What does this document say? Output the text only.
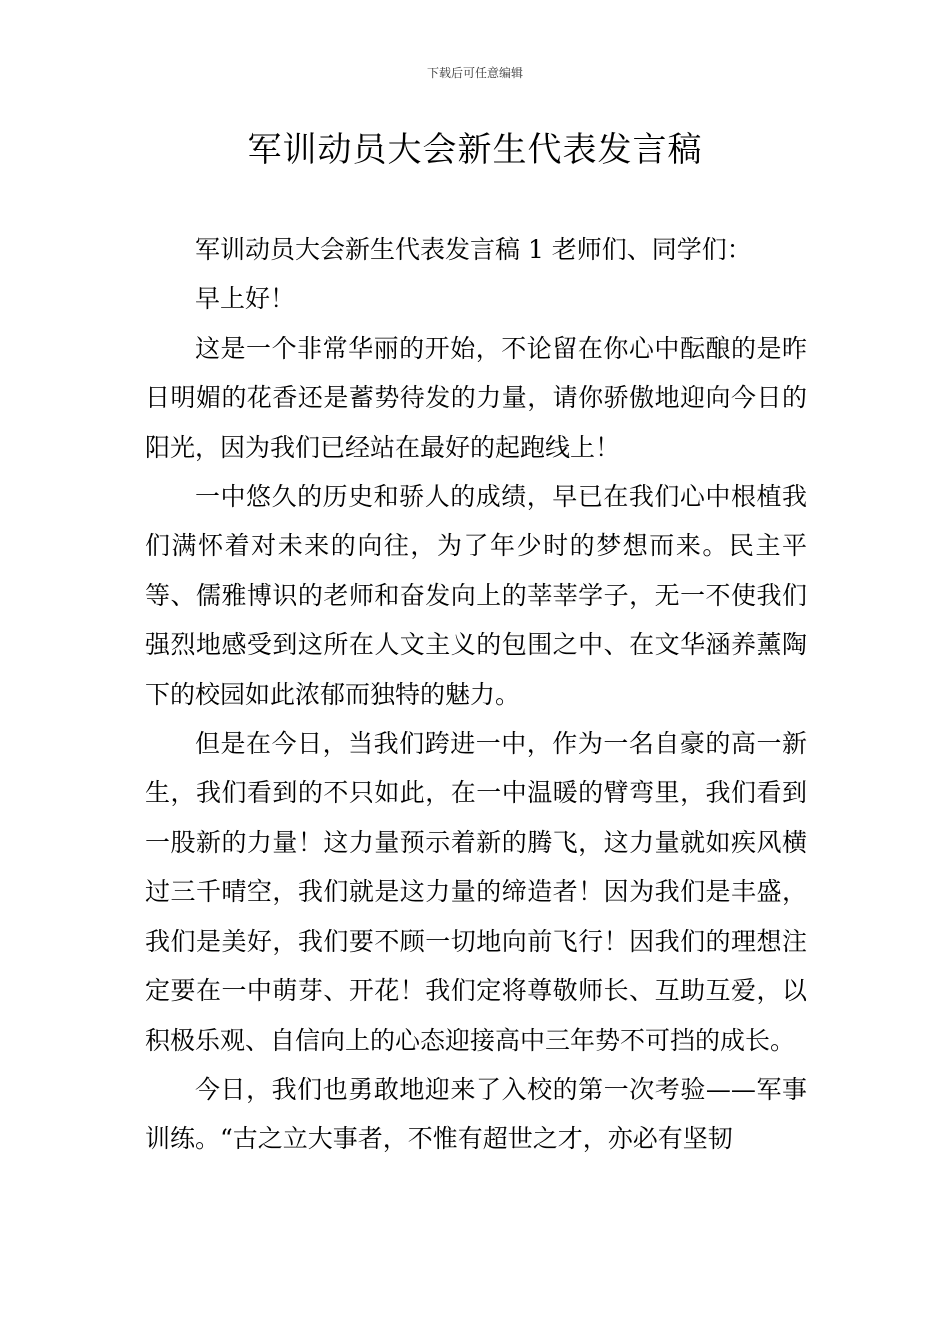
下载后可任意编辑
军训动员大会新生代表发言稿

军训动员大会新生代表发言稿 1 老师们、同学们：

早上好！

这是一个非常华丽的开始，不论留在你心中酝酿的是昨日明媚的花香还是蓄势待发的力量，请你骄傲地迎向今日的阳光，因为我们已经站在最好的起跑线上！

一中悠久的历史和骄人的成绩，早已在我们心中根植我们满怀着对未来的向往，为了年少时的梦想而来。民主平等、儒雅博识的老师和奋发向上的莘莘学子，无一不使我们强烈地感受到这所在人文主义的包围之中、在文华涵养薰陶下的校园如此浓郁而独特的魅力。

但是在今日，当我们跨进一中，作为一名自豪的高一新生，我们看到的不只如此，在一中温暖的臂弯里，我们看到一股新的力量！这力量预示着新的腾飞，这力量就如疾风横过三千晴空，我们就是这力量的缔造者！因为我们是丰盛，我们是美好，我们要不顾一切地向前飞行！因我们的理想注定要在一中萌芽、开花！我们定将尊敬师长、互助互爱，以积极乐观、自信向上的心态迎接高中三年势不可挡的成长。

今日，我们也勇敢地迎来了入校的第一次考验——军事训练。“古之立大事者，不惟有超世之才，亦必有坚韧
